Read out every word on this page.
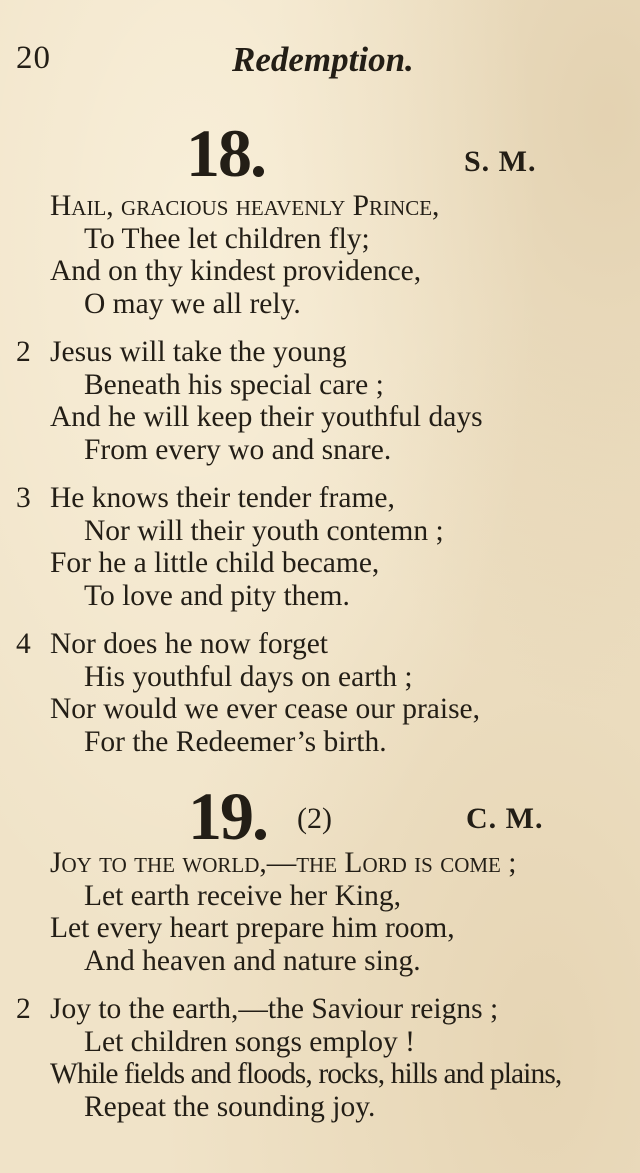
20	Redemption.
18.	S. M.
Hail, gracious heavenly Prince,
To Thee let children fly;
And on thy kindest providence,
O may we all rely.
2 Jesus will take the young
Beneath his special care ;
And he will keep their youthful days
From every wo and snare.
3 He knows their tender frame,
Nor will their youth contemn ;
For he a little child became,
To love and pity them.
4 Nor does he now forget
His youthful days on earth ;
Nor would we ever cease our praise,
For the Redeemer’s birth.
19. (2)	C. M.
Joy to the world,—the Lord is come ;
Let earth receive her King,
Let every heart prepare him room,
And heaven and nature sing.
2 Joy to the earth,—the Saviour reigns ;
Let children songs employ !
While fields and floods, rocks, hills and plains,
Repeat the sounding joy.
